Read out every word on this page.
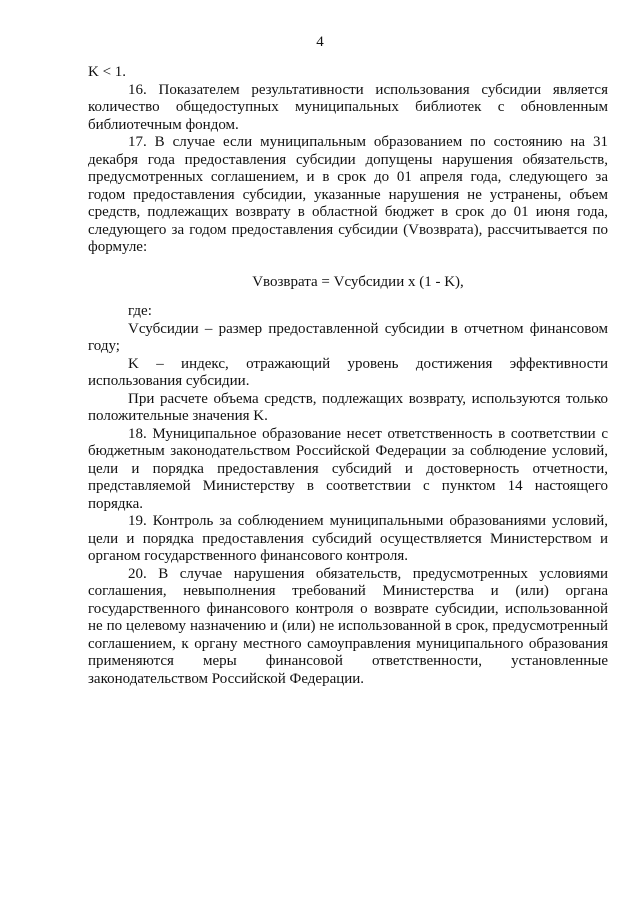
4

K < 1.

16. Показателем результативности использования субсидии является количество общедоступных муниципальных библиотек с обновленным библиотечным фондом.

17. В случае если муниципальным образованием по состоянию на 31 декабря года предоставления субсидии допущены нарушения обязательств, предусмотренных соглашением, и в срок до 01 апреля года, следующего за годом предоставления субсидии, указанные нарушения не устранены, объем средств, подлежащих возврату в областной бюджет в срок до 01 июня года, следующего за годом предоставления субсидии (Vвозврата), рассчитывается по формуле:

Vвозврата = Vсубсидии x (1 - K),

где:

Vсубсидии – размер предоставленной субсидии в отчетном финансовом году;

K – индекс, отражающий уровень достижения эффективности использования субсидии.

При расчете объема средств, подлежащих возврату, используются только положительные значения K.

18. Муниципальное образование несет ответственность в соответствии с бюджетным законодательством Российской Федерации за соблюдение условий, цели и порядка предоставления субсидий и достоверность отчетности, представляемой Министерству в соответствии с пунктом 14 настоящего порядка.

19. Контроль за соблюдением муниципальными образованиями условий, цели и порядка предоставления субсидий осуществляется Министерством и органом государственного финансового контроля.

20. В случае нарушения обязательств, предусмотренных условиями соглашения, невыполнения требований Министерства и (или) органа государственного финансового контроля о возврате субсидии, использованной не по целевому назначению и (или) не использованной в срок, предусмотренный соглашением, к органу местного самоуправления муниципального образования применяются меры финансовой ответственности, установленные законодательством Российской Федерации.
